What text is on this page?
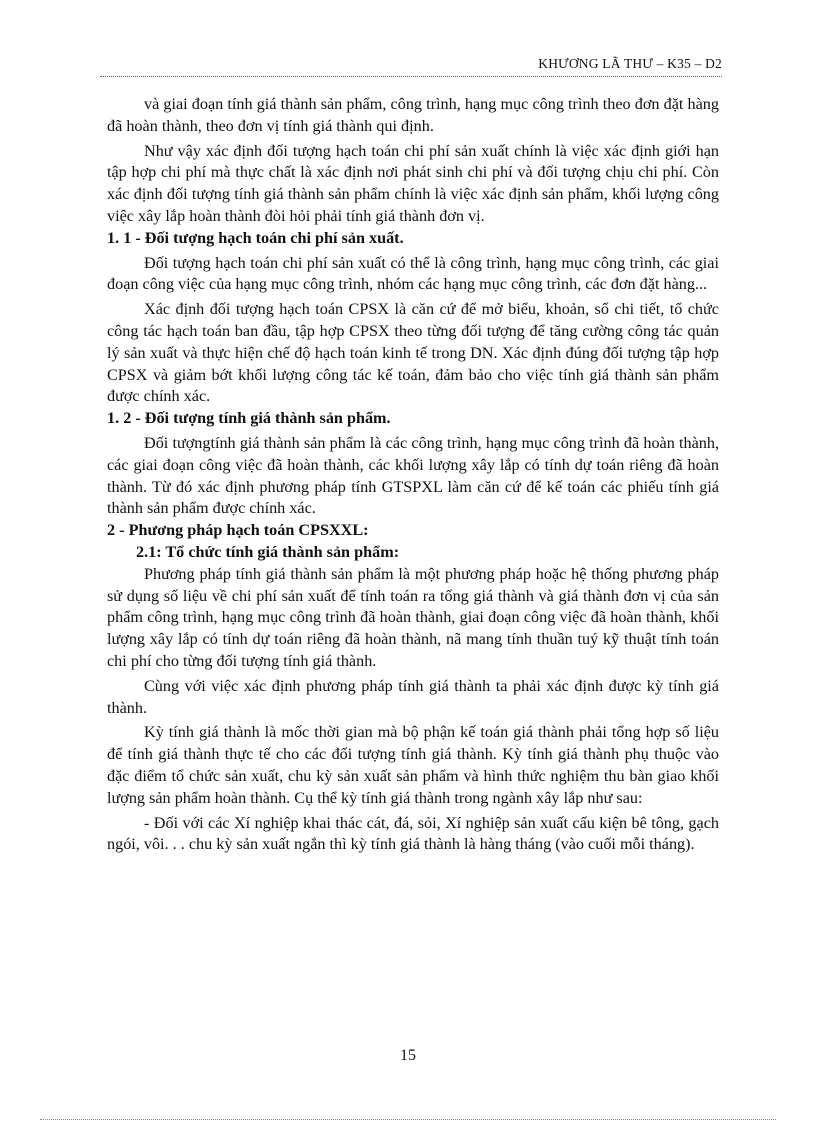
KHƯƠNG LÃ THƯ – K35 – D2

và giai đoạn tính giá thành sản phẩm, công trình, hạng mục công trình theo đơn đặt hàng đã hoàn thành, theo đơn vị tính giá thành qui định.

Như vậy xác định đối tượng hạch toán chi phí sản xuất chính là việc xác định giới hạn tập hợp chi phí mà thực chất là xác định nơi phát sinh chi phí và đối tượng chịu chi phí. Còn xác định đối tượng tính giá thành sản phẩm chính là việc xác định sản phẩm, khối lượng công việc xây lắp hoàn thành đòi hỏi phải tính giá thành đơn vị.

1. 1 - Đối tượng hạch toán chi phí sản xuất.

Đối tượng hạch toán chi phí sản xuất có thể là công trình, hạng mục công trình, các giai đoạn công việc của hạng mục công trình, nhóm các hạng mục công trình, các đơn đặt hàng...

Xác định đối tượng hạch toán CPSX là căn cứ để mở biểu, khoản, sổ chi tiết, tổ chức công tác hạch toán ban đầu, tập hợp CPSX theo từng đối tượng để tăng cường công tác quản lý sản xuất và thực hiện chế độ hạch toán kinh tế trong DN. Xác định đúng đối tượng tập hợp CPSX và giảm bớt khối lượng công tác kế toán, đảm bảo cho việc tính giá thành sản phẩm được chính xác.

1. 2 - Đối tượng tính giá thành sản phẩm.

Đối tượngtính giá thành sản phẩm là các công trình, hạng mục công trình đã hoàn thành, các giai đoạn công việc đã hoàn thành, các khối lượng xây lắp có tính dự toán riêng đã hoàn thành. Từ đó xác định phương pháp tính GTSPXL làm căn cứ để kế toán các phiếu tính giá thành sản phẩm được chính xác.

2 - Phương pháp hạch toán CPSXXL:

2.1: Tổ chức tính giá thành sản phẩm:

Phương pháp tính giá thành sản phẩm là một phương pháp hoặc hệ thống phương pháp sử dụng số liệu về chi phí sản xuất để tính toán ra tổng giá thành và giá thành đơn vị của sản phẩm công trình, hạng mục công trình đã hoàn thành, giai đoạn công việc đã hoàn thành, khối lượng xây lắp có tính dự toán riêng đã hoàn thành, nã mang tính thuần tuý kỹ thuật tính toán chi phí cho từng đối tượng tính giá thành.

Cùng với việc xác định phương pháp tính giá thành ta phải xác định được kỳ tính giá thành.

Kỳ tính giá thành là mốc thời gian mà bộ phận kế toán giá thành phải tổng hợp số liệu để tính giá thành thực tế cho các đối tượng tính giá thành. Kỳ tính giá thành phụ thuộc vào đặc điểm tổ chức sản xuất, chu kỳ sản xuất sản phẩm và hình thức nghiệm thu bàn giao khối lượng sản phẩm hoàn thành. Cụ thể kỳ tính giá thành trong ngành xây lắp như sau:

- Đối với các Xí nghiệp khai thác cát, đá, sỏi, Xí nghiệp sản xuất cấu kiện bê tông, gạch ngói, vôi. . . chu kỳ sản xuất ngắn thì kỳ tính giá thành là hàng tháng (vào cuối mỗi tháng).

15
